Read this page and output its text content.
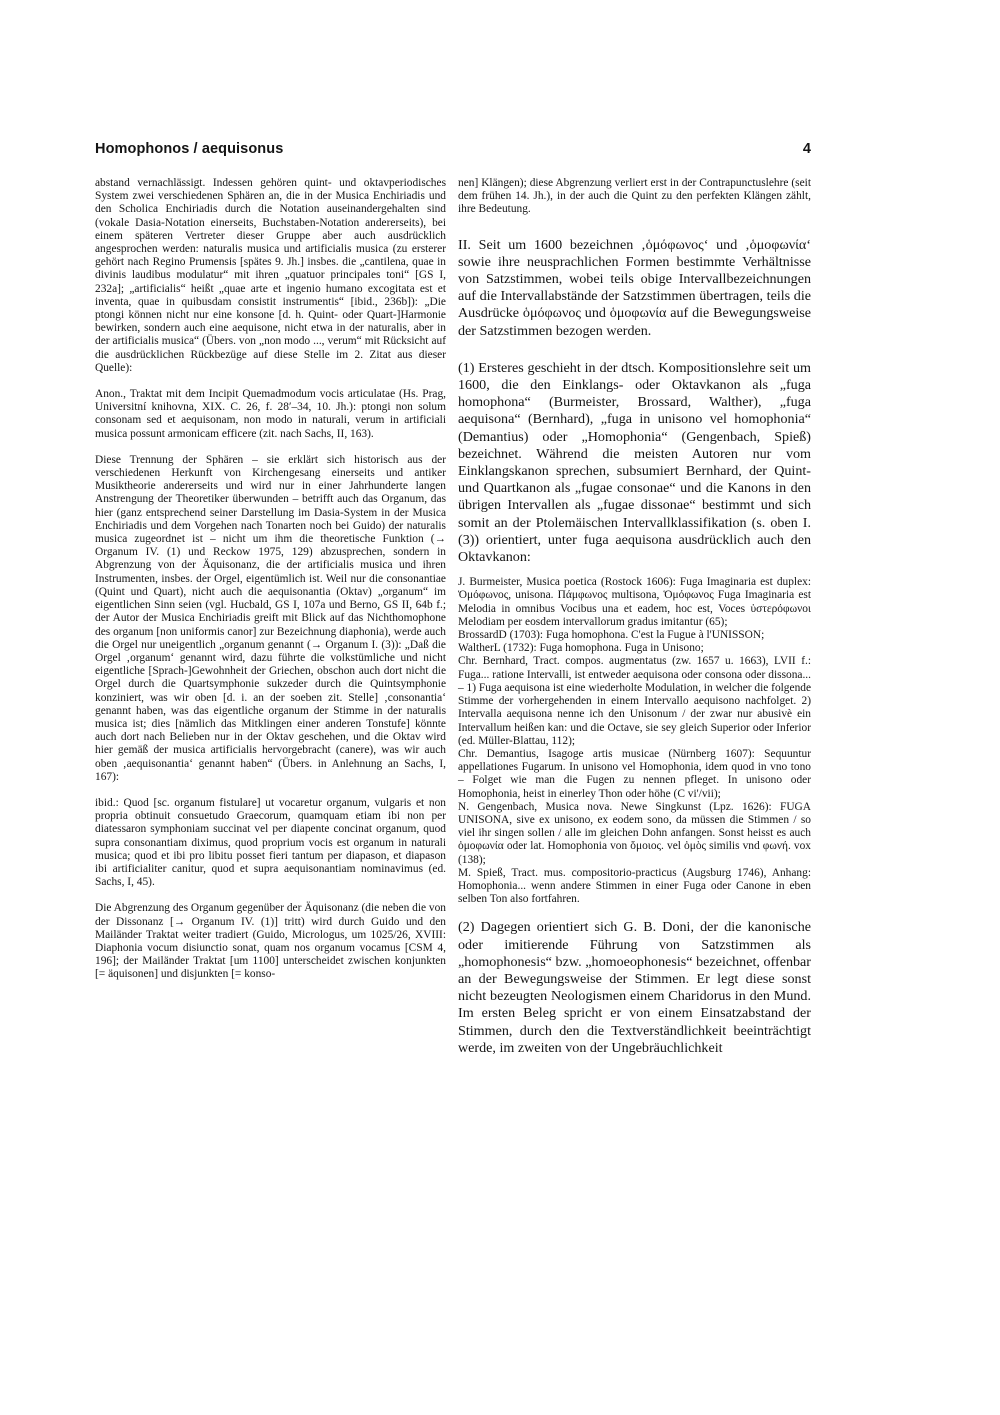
Homophonos / aequisonus	4

abstand vernachlässigt. Indessen gehören quint- und oktavperiodisches System zwei verschiedenen Sphären an, die in der Musica Enchiriadis und den Scholica Enchiriadis durch die Notation auseinandergehalten sind (vokale Dasia-Notation einerseits, Buchstaben-Notation andererseits), bei einem späteren Vertreter dieser Gruppe aber auch ausdrücklich angesprochen werden: naturalis musica und artificialis musica (zu ersterer gehört nach Regino Prumensis [spätes 9. Jh.] insbes. die „cantilena, quae in divinis laudibus modulatur“ mit ihren „quatuor principales toni“ [GS I, 232a]; „artificialis“ heißt „quae arte et ingenio humano excogitata est et inventa, quae in quibusdam consistit instrumentis“ [ibid., 236b]): „Die ptongi können nicht nur eine konsone [d. h. Quint- oder Quart-]Harmonie bewirken, sondern auch eine aequisone, nicht etwa in der naturalis, aber in der artificialis musica“ (Übers. von „non modo ..., verum“ mit Rücksicht auf die ausdrücklichen Rückbezüge auf diese Stelle im 2. Zitat aus dieser Quelle):

Anon., Traktat mit dem Incipit Quemadmodum vocis articulatae (Hs. Prag, Universitní knihovna, XIX. C. 26, f. 28′–34, 10. Jh.): ptongi non solum consonam sed et aequisonam, non modo in naturali, verum in artificiali musica possunt armonicam efficere (zit. nach Sachs, II, 163).

Diese Trennung der Sphären – sie erklärt sich historisch aus der verschiedenen Herkunft von Kirchengesang einerseits und antiker Musiktheorie andererseits und wird nur in einer Jahrhunderte langen Anstrengung der Theoretiker überwunden – betrifft auch das Organum, das hier (ganz entsprechend seiner Darstellung im Dasia-System in der Musica Enchiriadis und dem Vorgehen nach Tonarten noch bei Guido) der naturalis musica zugeordnet ist – nicht um ihm die theoretische Funktion (→ Organum IV. (1) und Reckow 1975, 129) abzusprechen, sondern in Abgrenzung von der Äquisonanz, die der artificialis musica und ihren Instrumenten, insbes. der Orgel, eigentümlich ist. Weil nur die consonantiae (Quint und Quart), nicht auch die aequisonantia (Oktav) „organum“ im eigentlichen Sinn seien (vgl. Hucbald, GS I, 107a und Berno, GS II, 64b f.; der Autor der Musica Enchiriadis greift mit Blick auf das Nichthomophone des organum [non uniformis canor] zur Bezeichnung diaphonia), werde auch die Orgel nur uneigentlich „organum genannt (→ Organum I. (3)): „Daß die Orgel ‚organum‘ genannt wird, dazu führte die volkstümliche und nicht eigentliche [Sprach-]Gewohnheit der Griechen, obschon auch dort nicht die Orgel durch die Quartsymphonie sukzeder durch die Quintsymphonie konziniert, was wir oben [d. i. an der soeben zit. Stelle] ‚consonantia‘ genannt haben, was das eigentliche organum der Stimme in der naturalis musica ist; dies [nämlich das Mitklingen einer anderen Tonstufe] könnte auch dort nach Belieben nur in der Oktav geschehen, und die Oktav wird hier gemäß der musica artificialis hervorgebracht (canere), was wir auch oben ‚aequisonantia‘ genannt haben“ (Übers. in Anlehnung an Sachs, I, 167):

ibid.: Quod [sc. organum fistulare] ut vocaretur organum, vulgaris et non propria obtinuit consuetudo Graecorum, quamquam etiam ibi non per diatessaron symphoniam succinat vel per diapente concinat organum, quod supra consonantiam diximus, quod proprium vocis est organum in naturali musica; quod et ibi pro libitu posset fieri tantum per diapason, et diapason ibi artificialiter canitur, quod et supra aequisonantiam nominavimus (ed. Sachs, I, 45).

Die Abgrenzung des Organum gegenüber der Äquisonanz (die neben die von der Dissonanz [→ Organum IV. (1)] tritt) wird durch Guido und den Mailänder Traktat weiter tradiert (Guido, Micrologus, um 1025/26, XVIII: Diaphonia vocum disiunctio sonat, quam nos organum vocamus [CSM 4, 196]; der Mailänder Traktat [um 1100] unterscheidet zwischen konjunkten [= äquisonen] und disjunkten [= konso-

nen] Klängen); diese Abgrenzung verliert erst in der Contrapunctuslehre (seit dem frühen 14. Jh.), in der auch die Quint zu den perfekten Klängen zählt, ihre Bedeutung.

II. Seit um 1600 bezeichnen ‚ὁμόφωνος‘ und ‚ὁμοφωνία‘ sowie ihre neusprachlichen Formen bestimmte Verhältnisse von Satzstimmen, wobei teils obige Intervallbezeichnungen auf die Intervallabstände der Satzstimmen übertragen, teils die Ausdrücke ὁμόφωνος und ὁμοφωνία auf die Bewegungsweise der Satzstimmen bezogen werden.

(1) Ersteres geschieht in der dtsch. Kompositionslehre seit um 1600, die den Einklangs- oder Oktavkanon als „fuga homophona“ (Burmeister, Brossard, Walther), „fuga aequisona“ (Bernhard), „fuga in unisono vel homophonia“ (Demantius) oder „Homophonia“ (Gengenbach, Spieß) bezeichnet. Während die meisten Autoren nur vom Einklangskanon sprechen, subsumiert Bernhard, der Quint- und Quartkanon als „fugae consonae“ und die Kanons in den übrigen Intervallen als „fugae dissonae“ bestimmt und sich somit an der Ptolemäischen Intervallklassifikation (s. oben I. (3)) orientiert, unter fuga aequisona ausdrücklich auch den Oktavkanon:

J. Burmeister, Musica poetica (Rostock 1606): Fuga Imaginaria est duplex: Ὁμόφωνος, unisona. Πάμφωνος multisona, Ὁμόφωνος Fuga Imaginaria est Melodia in omnibus Vocibus una et eadem, hoc est, Voces ὑστερόφωνοι Melodiam per eosdem intervallorum gradus imitantur (65);

BrossardD (1703): Fuga homophona. C'est la Fugue à l'UNISSON;

WaltherL (1732): Fuga homophona. Fuga in Unisono;

Chr. Bernhard, Tract. compos. augmentatus (zw. 1657 u. 1663), LVII f.: Fuga... ratione Intervalli, ist entweder aequisona oder consona oder dissona... – 1) Fuga aequisona ist eine wiederholte Modulation, in welcher die folgende Stimme der vorhergehenden in einem Intervallo aequisono nachfolget. 2) Intervalla aequisona nenne ich den Unisonum / der zwar nur abusivè ein Intervallum heißen kan: und die Octave, sie sey gleich Superior oder Inferior (ed. Müller-Blattau, 112);

Chr. Demantius, Isagoge artis musicae (Nürnberg 1607): Sequuntur appellationes Fugarum. In unisono vel Homophonia, idem quod in vno tono – Folget wie man die Fugen zu nennen pfleget. In unisono oder Homophonia, heist in einerley Thon oder höhe (C vi'/vii);

N. Gengenbach, Musica nova. Newe Singkunst (Lpz. 1626): FUGA UNISONA, sive ex unisono, ex eodem sono, da müssen die Stimmen / so viel ihr singen sollen / alle im gleichen Dohn anfangen. Sonst heisst es auch ὁμοφωνία oder lat. Homophonia von ὅμοιος. vel ὁμὸς similis vnd φωνή. vox (138);

M. Spieß, Tract. mus. compositorio-practicus (Augsburg 1746), Anhang: Homophonia... wenn andere Stimmen in einer Fuga oder Canone in eben selben Ton also fortfahren.

(2) Dagegen orientiert sich G. B. Doni, der die kanonische oder imitierende Führung von Satzstimmen als „homophonesis“ bzw. „homoeophonesis“ bezeichnet, offenbar an der Bewegungsweise der Stimmen. Er legt diese sonst nicht bezeugten Neologismen einem Charidorus in den Mund. Im ersten Beleg spricht er von einem Einsatzabstand der Stimmen, durch den die Textverständlichkeit beeinträchtigt werde, im zweiten von der Ungebräuchlichkeit
